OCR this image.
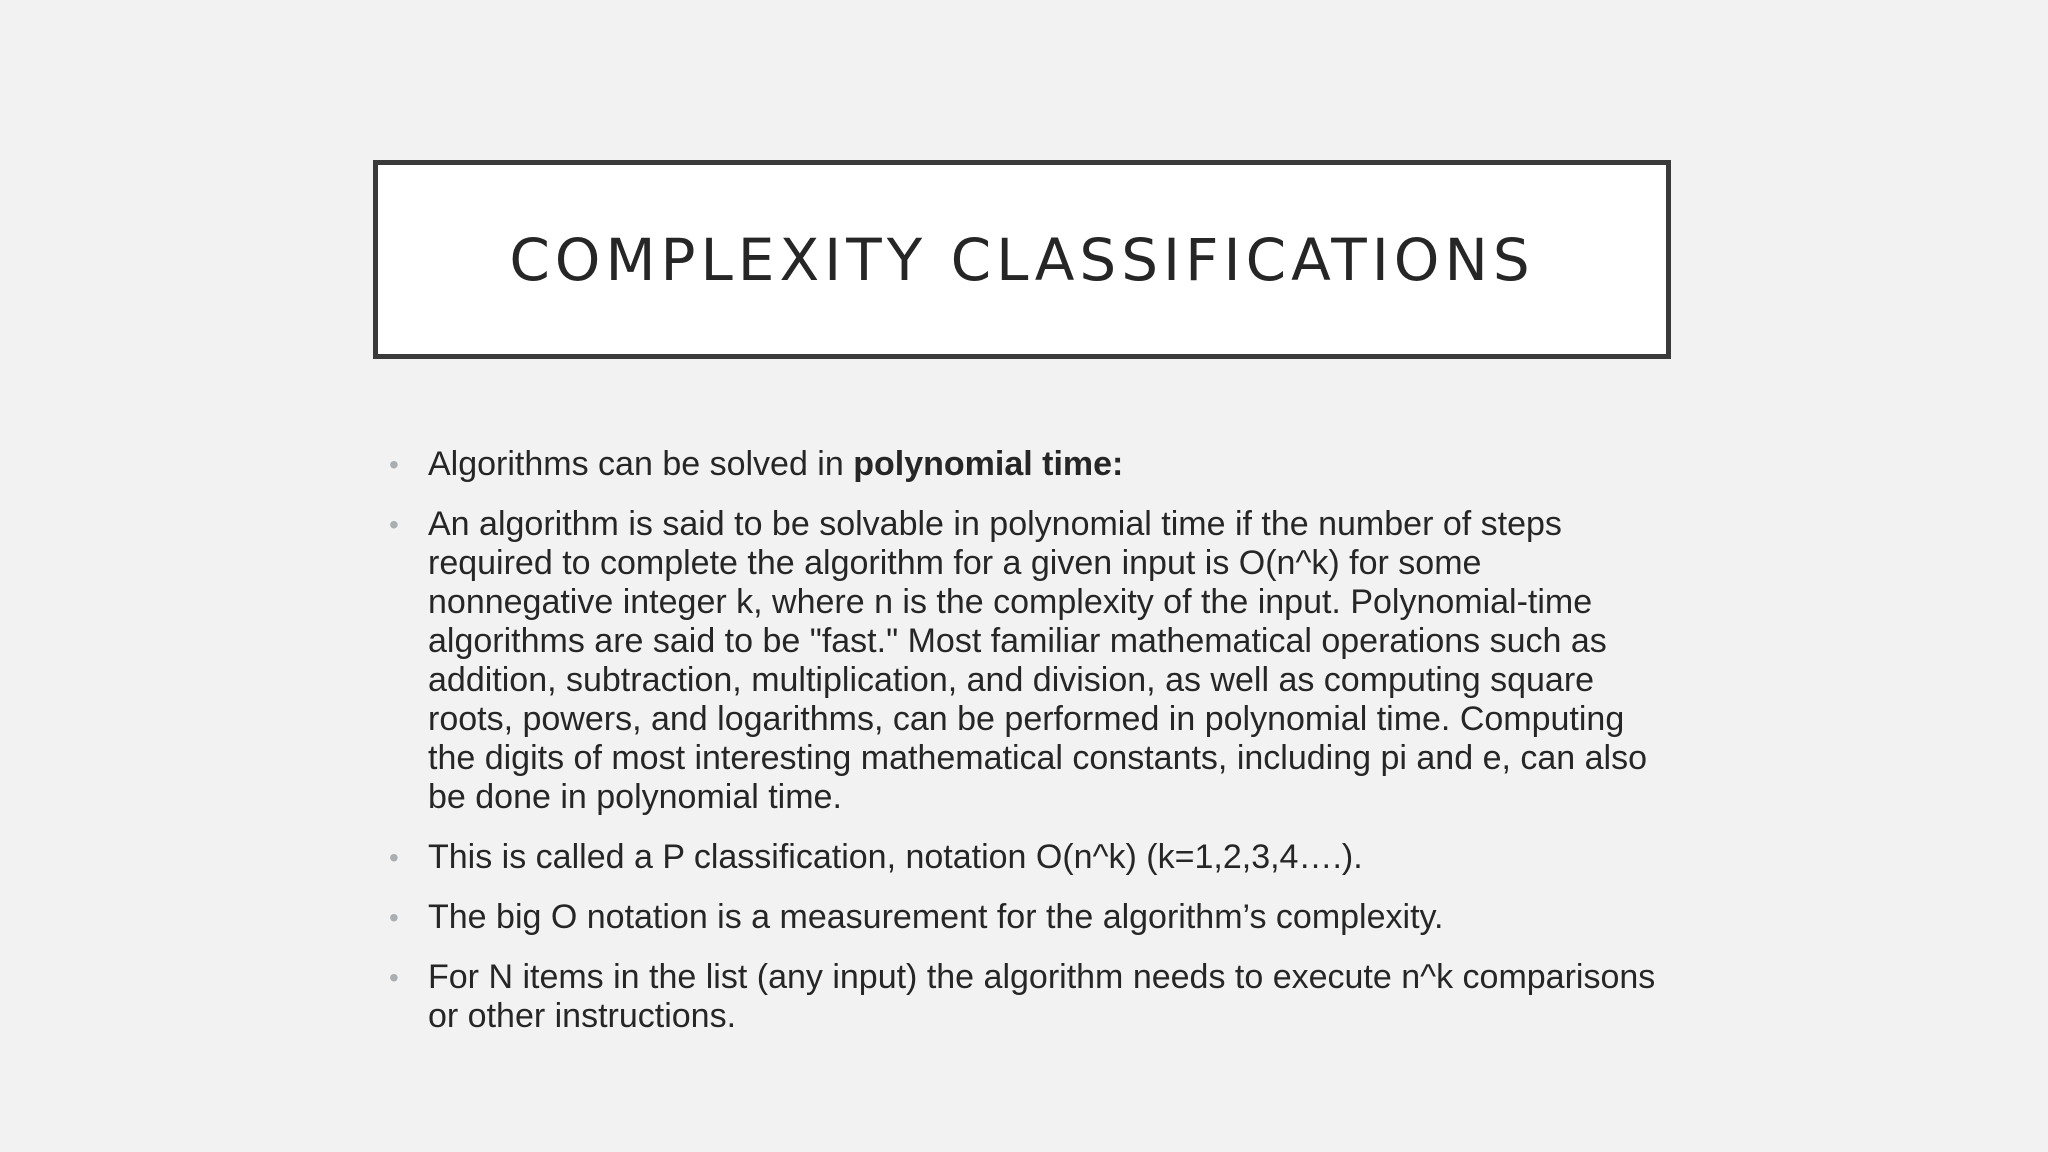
COMPLEXITY CLASSIFICATIONS
• Algorithms can be solved in polynomial time:
• An algorithm is said to be solvable in polynomial time if the number of steps required to complete the algorithm for a given input is O(n^k) for some nonnegative integer k, where n is the complexity of the input. Polynomial-time algorithms are said to be "fast." Most familiar mathematical operations such as addition, subtraction, multiplication, and division, as well as computing square roots, powers, and logarithms, can be performed in polynomial time. Computing the digits of most interesting mathematical constants, including pi and e, can also be done in polynomial time.
• This is called a P classification, notation O(n^k) (k=1,2,3,4….).
• The big O notation is a measurement for the algorithm’s complexity.
• For N items in the list (any input) the algorithm needs to execute n^k comparisons or other instructions.
